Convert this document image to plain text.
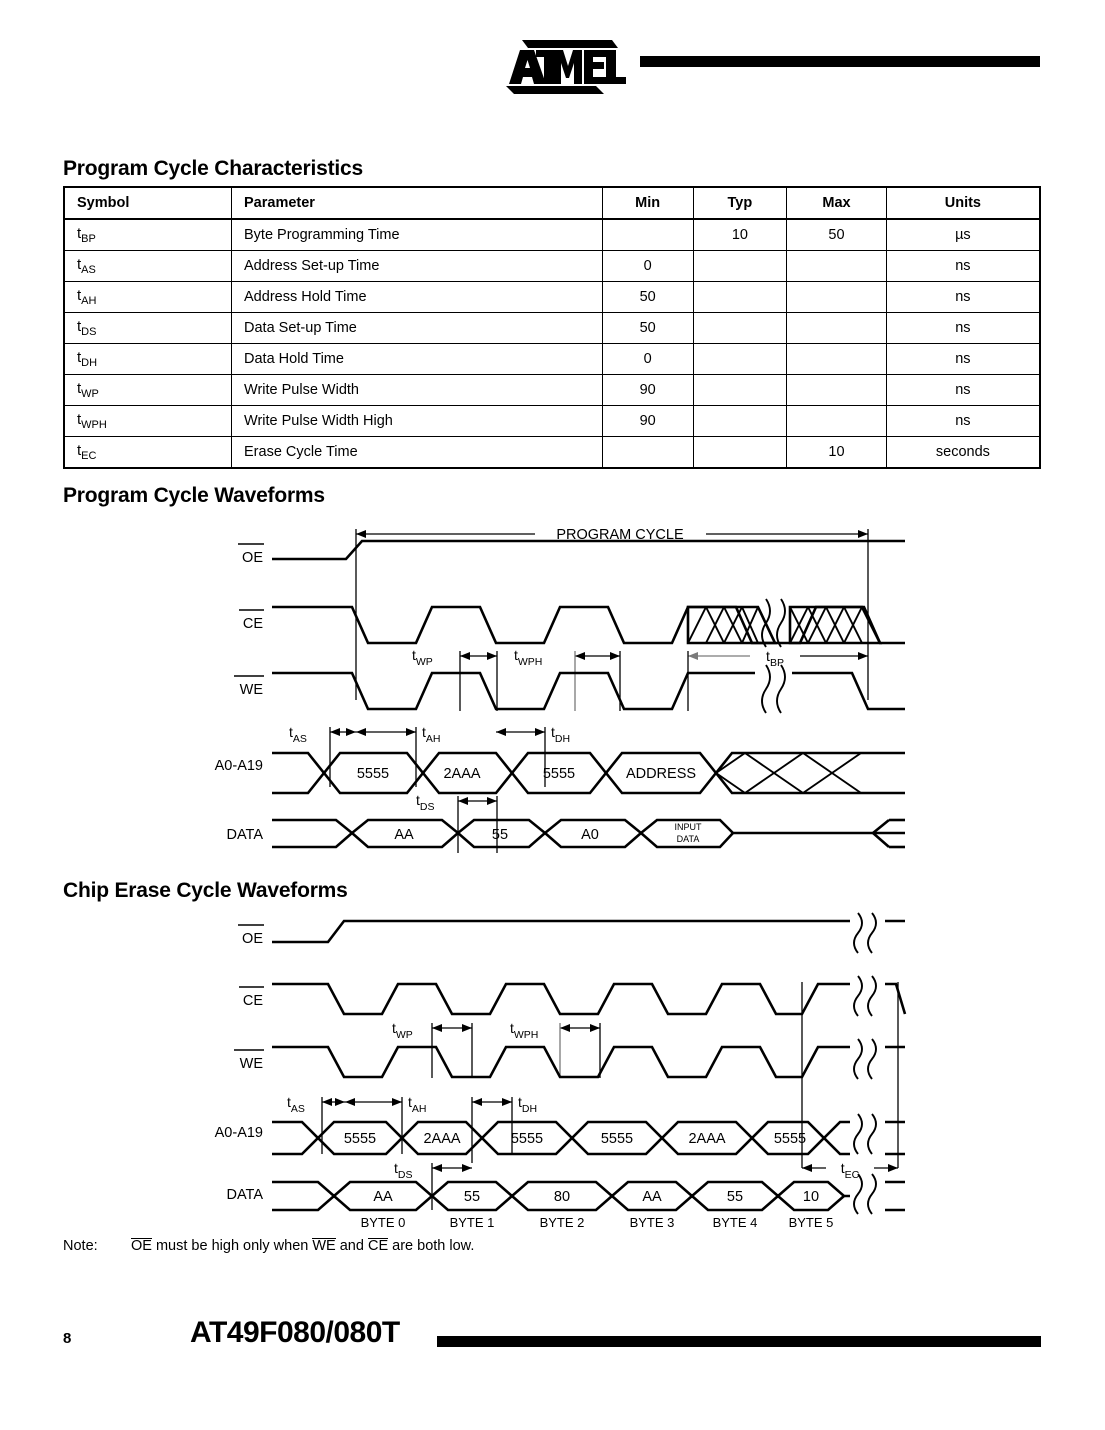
Program Cycle Characteristics
Symbol	Parameter	Min	Typ	Max	Units
$t_{BP}$	Byte Programming Time		10	50	µs
$t_{AS}$	Address Set-up Time	0			ns
$t_{AH}$	Address Hold Time	50			ns
$t_{DS}$	Data Set-up Time	50			ns
$t_{DH}$	Data Hold Time	0			ns
$t_{WP}$	Write Pulse Width	90			ns
$t_{WPH}$	Write Pulse Width High	90			ns
$t_{EC}$	Erase Cycle Time			10	seconds
Program Cycle Waveforms
OE
CE
WE
A0-A19
DATA
PROGRAM CYCLE
$t_{WP}$	$t_{WPH}$	$t_{BP}$
$t_{AS}$	$t_{AH}$	$t_{DH}$
5555	2AAA	5555	ADDRESS
$t_{DS}$
AA	55	A0	INPUT
DATA
Chip Erase Cycle Waveforms
OE
CE
WE
A0-A19
DATA
$t_{WP}$	$t_{WPH}$
$t_{AS}$	$t_{AH}$	$t_{DH}$
5555	2AAA	5555	5555	2AAA	5555
$t_{DS}$	$t_{EC}$
AA	55	80	AA	55	10
BYTE 0	BYTE 1	BYTE 2	BYTE 3	BYTE 4 BYTE 5
Note: OE must be high only when WE and CE are both low.
8	AT49F080/080T
